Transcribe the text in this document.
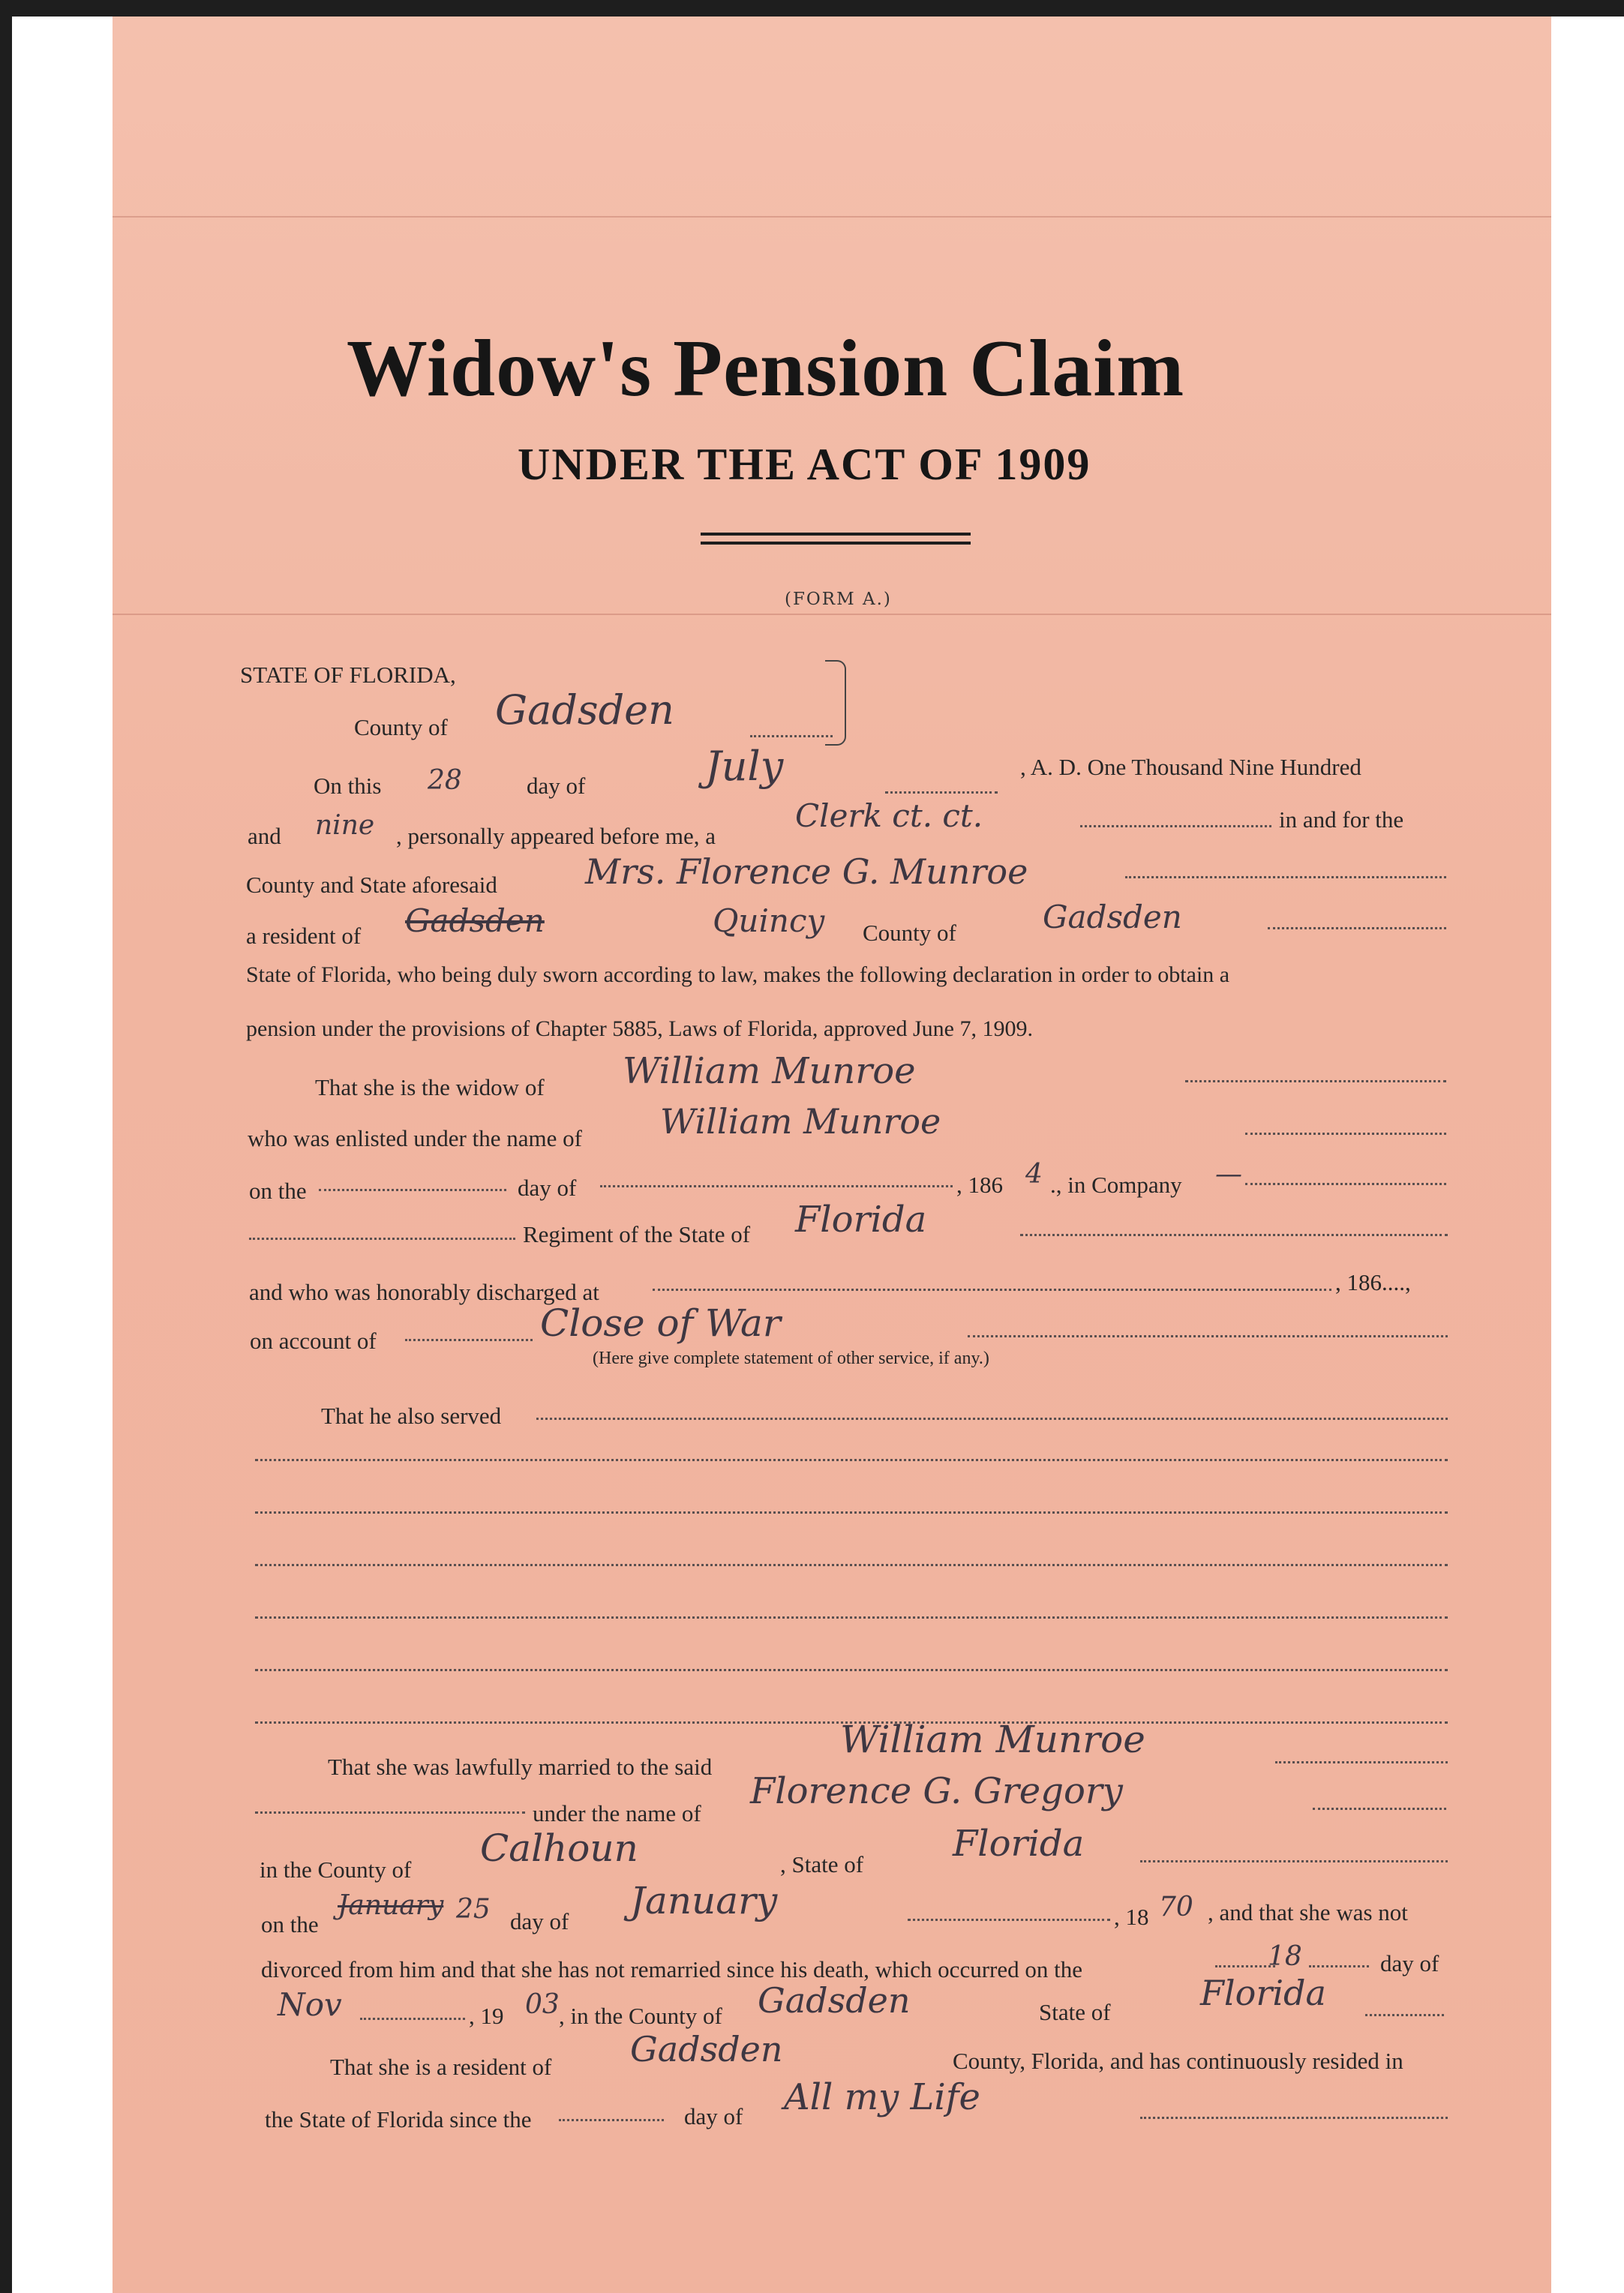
Widow's Pension Claim
UNDER THE ACT OF 1909
(FORM A.)
STATE OF FLORIDA,
County of Gadsden
On this 28	day of	July	, A. D. One Thousand Nine Hundred
and nine , personally appeared before me, a
Clerk ct. ct.	in and for the
County and State aforesaid	Mrs. Florence G. Munroe
a resident of Gadsden	Quincy County of	Gadsden
State of Florida, who being duly sworn according to law, makes the following declaration in order to obtain a
pension under the provisions of Chapter 5885, Laws of Florida, approved June 7, 1909.
That she is the widow of William Munroe
who was enlisted under the name of William Munroe
on the	day of	, 186 4 ., in Company —
Regiment of the State of Florida
and who was honorably discharged at	, 186....,
on account of	Close of War
(Here give complete statement of other service, if any.)
That he also served
That she was lawfully married to the said
William Munroe
under the name of
Florence G. Gregory
in the County of Calhoun	, State of Florida
on the
January 25 day of January	, 18 70 , and that she was not
divorced from him and that she has not remarried since his death, which occurred on the	18	day of
Nov	, 19 03 , in the County of Gadsden	State of	Florida
That she is a resident of Gadsden	County, Florida, and has continuously resided in
the State of Florida since the	day of All my Life
